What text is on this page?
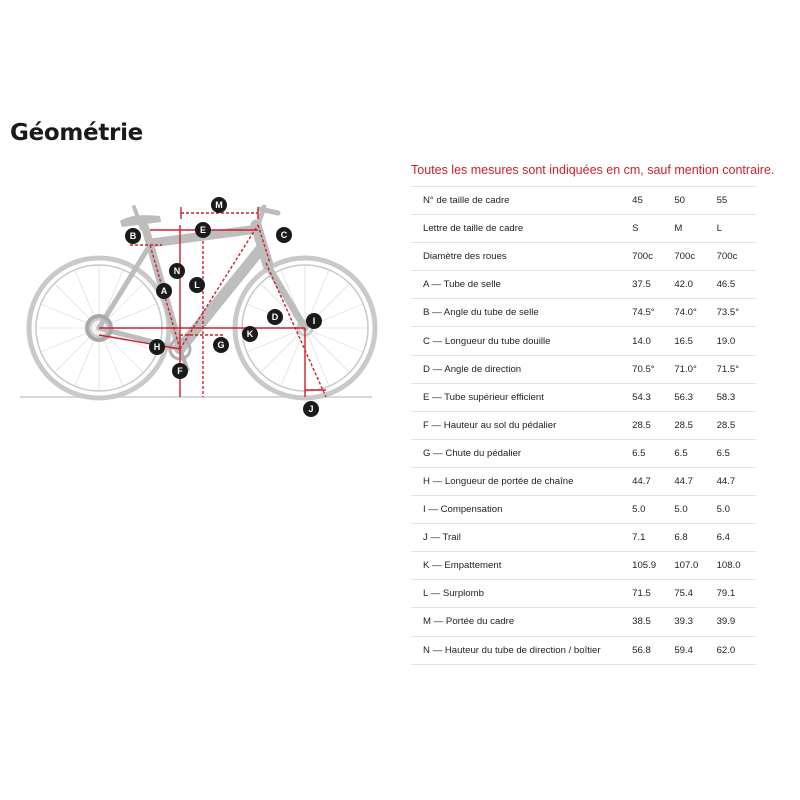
Géométrie
M
E
B	C
N
A
L
D	I
K
H	G
F
J
Toutes les mesures sont indiquées en cm, sauf mention contraire.
N° de taille de cadre	45	50	55
Lettre de taille de cadre	S	M	L
Diamètre des roues	700c	700c	700c
A — Tube de selle	37.5	42.0	46.5
B — Angle du tube de selle	74.5°	74.0°	73.5°
C — Longueur du tube douille	14.0	16.5	19.0
D — Angle de direction	70.5°	71.0°	71.5°
E — Tube supérieur efficient	54.3	56.3	58.3
F — Hauteur au sol du pédalier	28.5	28.5	28.5
G — Chute du pédalier	6.5	6.5	6.5
H — Longueur de portée de chaîne	44.7	44.7	44.7
I — Compensation	5.0	5.0	5.0
J — Trail	7.1	6.8	6.4
K — Empattement	105.9	107.0	108.0
L — Surplomb	71.5	75.4	79.1
M — Portée du cadre	38.5	39.3	39.9
N — Hauteur du tube de direction / boîtier	56.8	59.4	62.0
